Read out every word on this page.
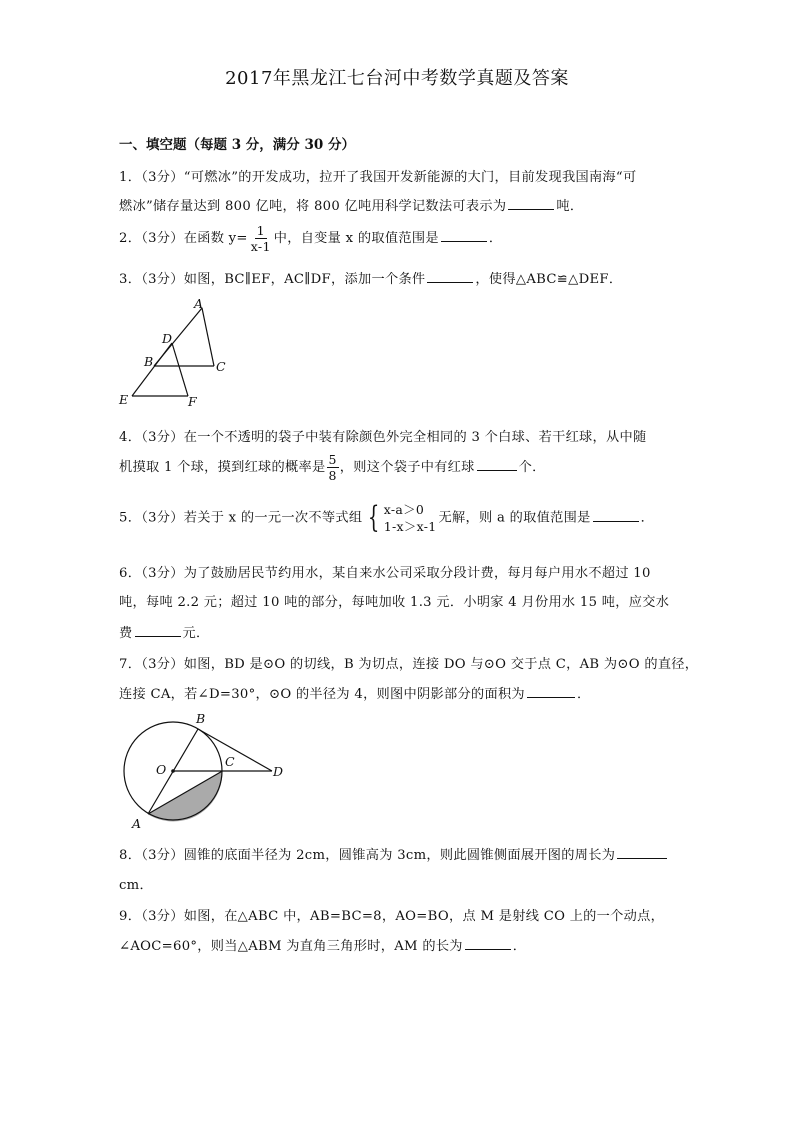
2017年黑龙江七台河中考数学真题及答案
一、填空题（每题 3 分，满分 30 分）
1．（3分）“可燃冰”的开发成功，拉开了我国开发新能源的大门，目前发现我国南海“可
燃冰”储存量达到 800 亿吨，将 800 亿吨用科学记数法可表示为	吨．
2．（3分）在函数 $y= \frac{1}{x-1}$ 中，自变量 x 的取值范围是	．
3．（3分）如图，BC∥EF，AC∥DF，添加一个条件	，使得△ABC≌△DEF．
A
D
B	C
E	F
4．（3分）在一个不透明的袋子中装有除颜色外完全相同的 3 个白球、若干红球，从中随
机摸取 1 个球，摸到红球的概率是 $\frac{5}{8}$ ，则这个袋子中有红球	个．
5．（3分）若关于 x 的一元一次不等式组 { x-a＞0
1-x＞x-1
无解，则 a 的取值范围是	．
6．（3分）为了鼓励居民节约用水，某自来水公司采取分段计费，每月每户用水不超过 10
吨，每吨 2.2 元；超过 10 吨的部分，每吨加收 1.3 元．小明家 4 月份用水 15 吨，应交水
费	元．
7．（3分）如图，BD 是⊙O 的切线，B 为切点，连接 DO 与⊙O 交于点 C，AB 为⊙O 的直径，
连接 CA，若∠D=30°，⊙O 的半径为 4，则图中阴影部分的面积为	．
B
O
C
D
A
8．（3分）圆锥的底面半径为 2cm，圆锥高为 3cm，则此圆锥侧面展开图的周长为
cm．
9．（3分）如图，在△ABC 中，AB=BC=8，AO=BO，点 M 是射线 CO 上的一个动点，
∠AOC=60°，则当△ABM 为直角三角形时，AM 的长为	．
